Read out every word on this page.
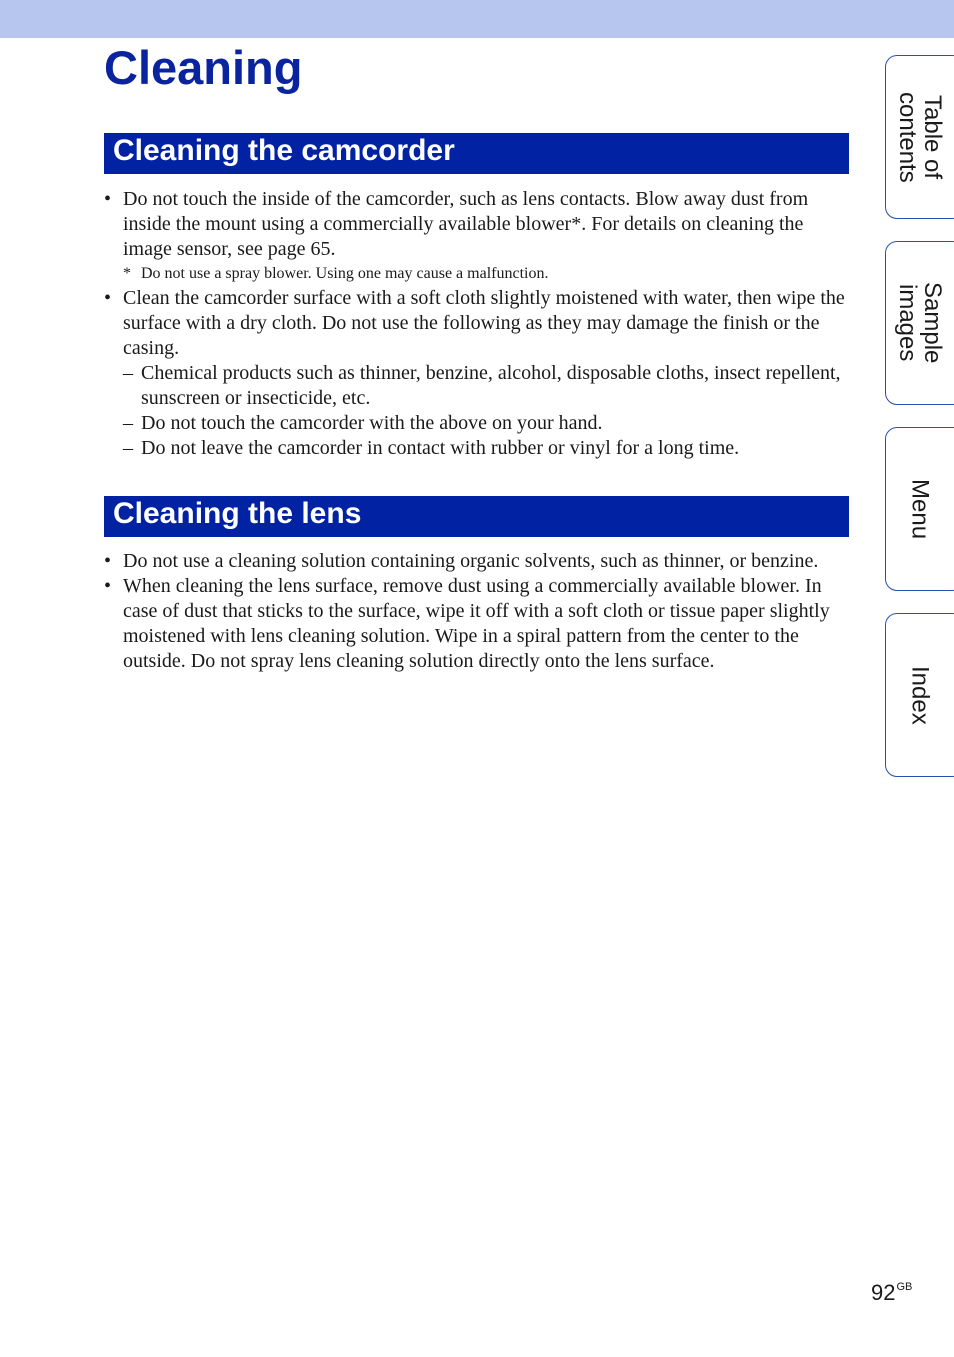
Cleaning
Cleaning the camcorder
• Do not touch the inside of the camcorder, such as lens contacts. Blow away dust from inside the mount using a commercially available blower*. For details on cleaning the image sensor, see page 65.
* Do not use a spray blower. Using one may cause a malfunction.
• Clean the camcorder surface with a soft cloth slightly moistened with water, then wipe the surface with a dry cloth. Do not use the following as they may damage the finish or the casing.
– Chemical products such as thinner, benzine, alcohol, disposable cloths, insect repellent, sunscreen or insecticide, etc.
– Do not touch the camcorder with the above on your hand.
– Do not leave the camcorder in contact with rubber or vinyl for a long time.
Cleaning the lens
• Do not use a cleaning solution containing organic solvents, such as thinner, or benzine.
• When cleaning the lens surface, remove dust using a commercially available blower. In case of dust that sticks to the surface, wipe it off with a soft cloth or tissue paper slightly moistened with lens cleaning solution. Wipe in a spiral pattern from the center to the outside. Do not spray lens cleaning solution directly onto the lens surface.
Table of
contents
Sample
images
Menu
Index
$92^{GB}$
